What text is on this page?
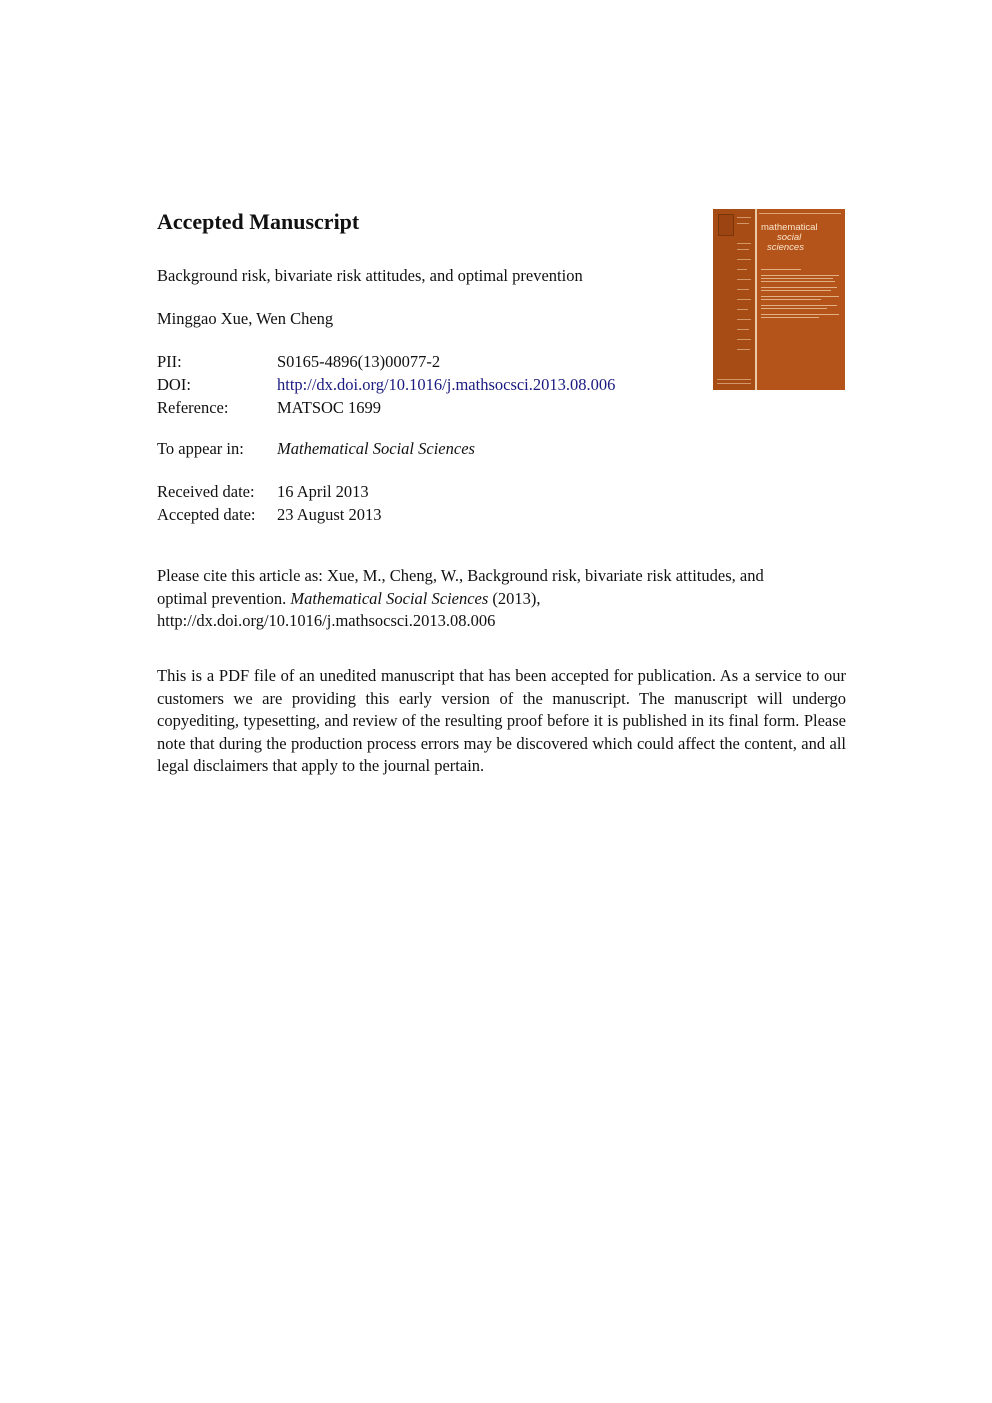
Accepted Manuscript

Background risk, bivariate risk attitudes, and optimal prevention

Minggao Xue, Wen Cheng

PII:	S0165-4896(13)00077-2
DOI:	http://dx.doi.org/10.1016/j.mathsocsci.2013.08.006
Reference:	MATSOC 1699
To appear in:	Mathematical Social Sciences
Received date:	16 April 2013
Accepted date:	23 August 2013

Please cite this article as: Xue, M., Cheng, W., Background risk, bivariate risk attitudes, and
optimal prevention. Mathematical Social Sciences (2013),
http://dx.doi.org/10.1016/j.mathsocsci.2013.08.006

This is a PDF file of an unedited manuscript that has been accepted for publication. As a service to our customers we are providing this early version of the manuscript. The manuscript will undergo copyediting, typesetting, and review of the resulting proof before it is published in its final form. Please note that during the production process errors may be discovered which could affect the content, and all legal disclaimers that apply to the journal pertain.

mathematical
social
sciences
